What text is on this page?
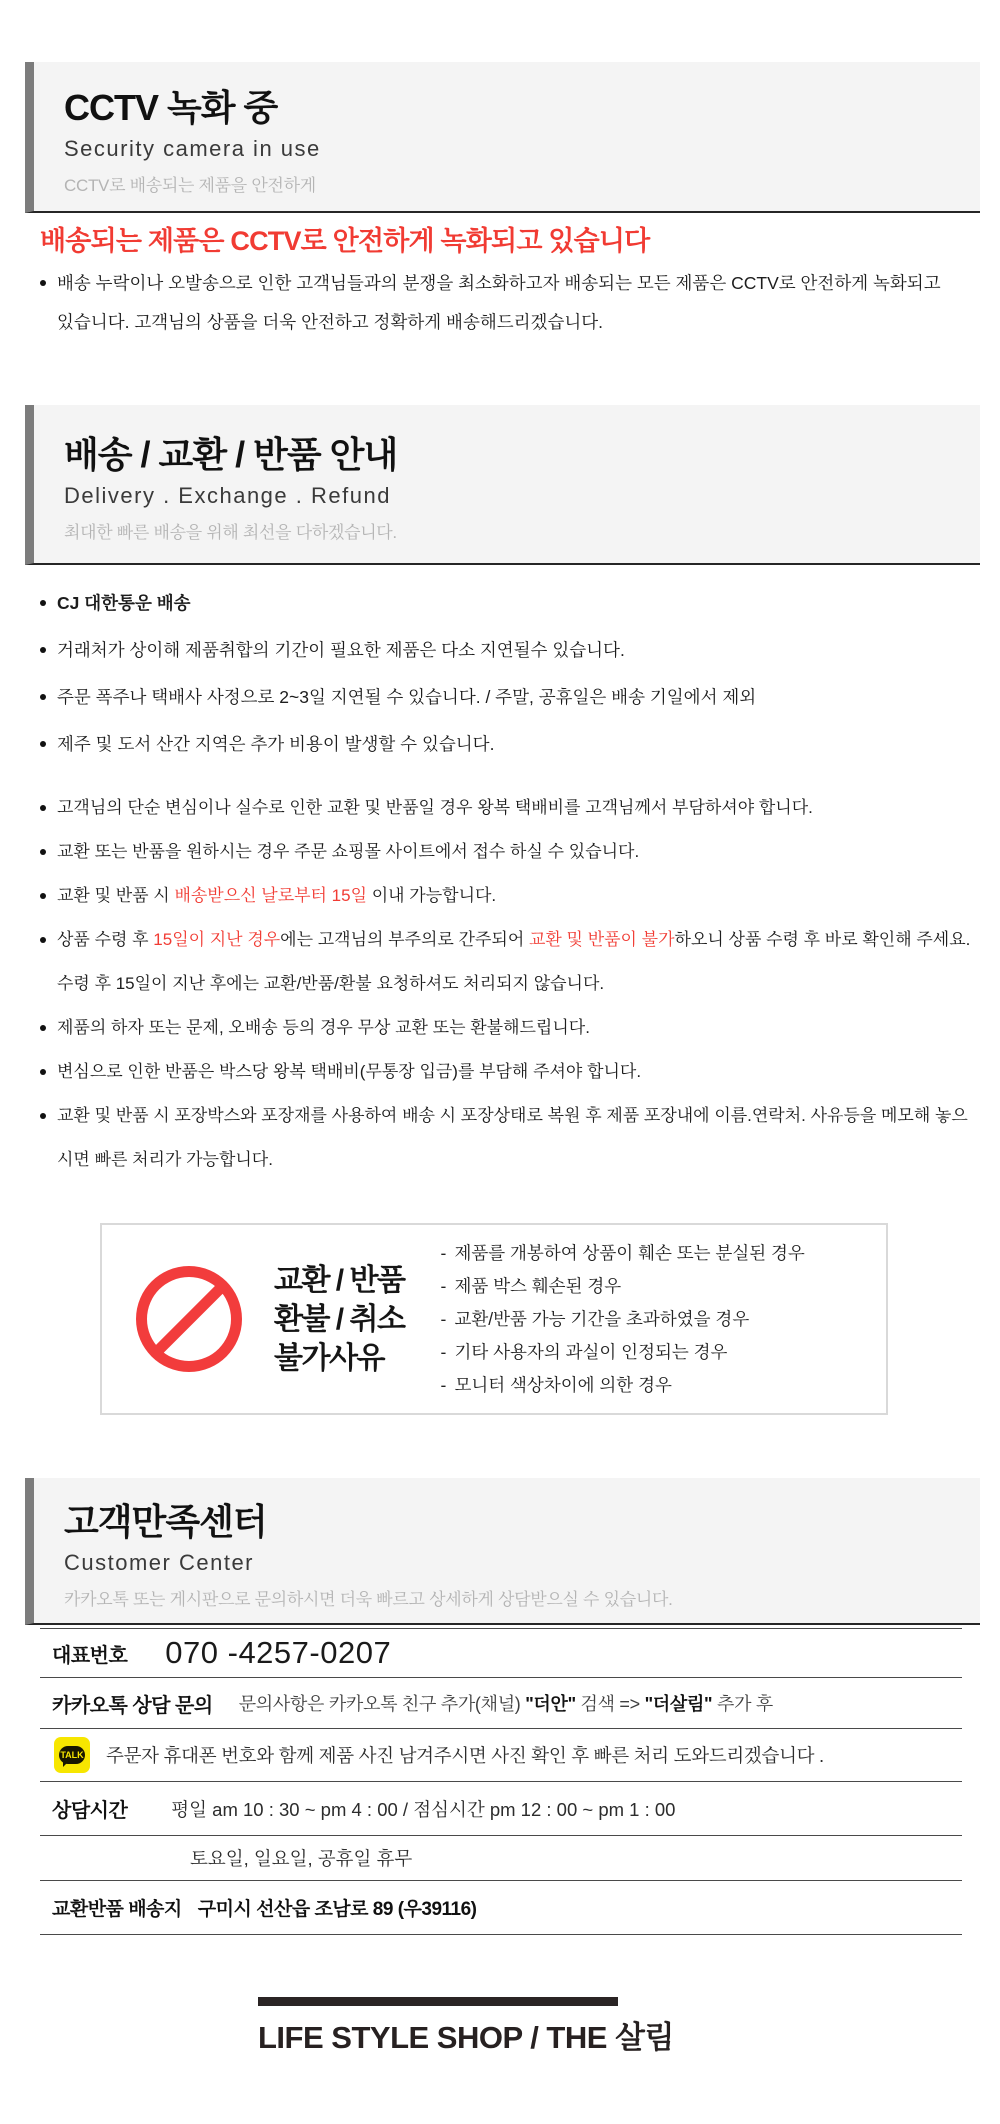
CCTV 녹화 중
Security camera in use
CCTV로 배송되는 제품을 안전하게
배송되는 제품은 CCTV로 안전하게 녹화되고 있습니다
배송 누락이나 오발송으로 인한 고객님들과의 분쟁을 최소화하고자 배송되는 모든 제품은 CCTV로 안전하게 녹화되고 있습니다. 고객님의 상품을 더욱 안전하고 정확하게 배송해드리겠습니다.
배송 / 교환 / 반품 안내
Delivery . Exchange . Refund
최대한 빠른 배송을 위해 최선을 다하겠습니다.
CJ 대한통운 배송
거래처가 상이해 제품취합의 기간이 필요한 제품은 다소 지연될수 있습니다.
주문 폭주나 택배사 사정으로 2~3일 지연될 수 있습니다. / 주말, 공휴일은 배송 기일에서 제외
제주 및 도서 산간 지역은 추가 비용이 발생할 수 있습니다.
고객님의 단순 변심이나 실수로 인한 교환 및 반품일 경우 왕복 택배비를 고객님께서 부담하셔야 합니다.
교환 또는 반품을 원하시는 경우 주문 쇼핑몰 사이트에서 접수 하실 수 있습니다.
교환 및 반품 시 배송받으신 날로부터 15일 이내 가능합니다.
상품 수령 후 15일이 지난 경우에는 고객님의 부주의로 간주되어 교환 및 반품이 불가하오니 상품 수령 후 바로 확인해 주세요. 수령 후 15일이 지난 후에는 교환/반품/환불 요청하셔도 처리되지 않습니다.
제품의 하자 또는 문제, 오배송 등의 경우 무상 교환 또는 환불해드립니다.
변심으로 인한 반품은 박스당 왕복 택배비(무통장 입금)를 부담해 주셔야 합니다.
교환 및 반품 시 포장박스와 포장재를 사용하여 배송 시 포장상태로 복원 후 제품 포장내에 이름.연락처. 사유등을 메모해 놓으시면 빠른 처리가 가능합니다.
교환 / 반품
환불 / 취소
불가사유
- 제품를 개봉하여 상품이 훼손 또는 분실된 경우
- 제품 박스 훼손된 경우
- 교환/반품 가능 기간을 초과하였을 경우
- 기타 사용자의 과실이 인정되는 경우
- 모니터 색상차이에 의한 경우
고객만족센터
Customer Center
카카오톡 또는 게시판으로 문의하시면 더욱 빠르고 상세하게 상담받으실 수 있습니다.
대표번호 070 -4257-0207
카카오톡 상담 문의 문의사항은 카카오톡 친구 추가(채널) "더안" 검색 => "더살림" 추가 후
TALK 주문자 휴대폰 번호와 함께 제품 사진 남겨주시면 사진 확인 후 빠른 처리 도와드리겠습니다 .
상담시간 평일 am 10 : 30 ~ pm 4 : 00 / 점심시간 pm 12 : 00 ~ pm 1 : 00
토요일, 일요일, 공휴일 휴무
교환반품 배송지 구미시 선산읍 조남로 89 (우39116)
LIFE STYLE SHOP / THE 살림
